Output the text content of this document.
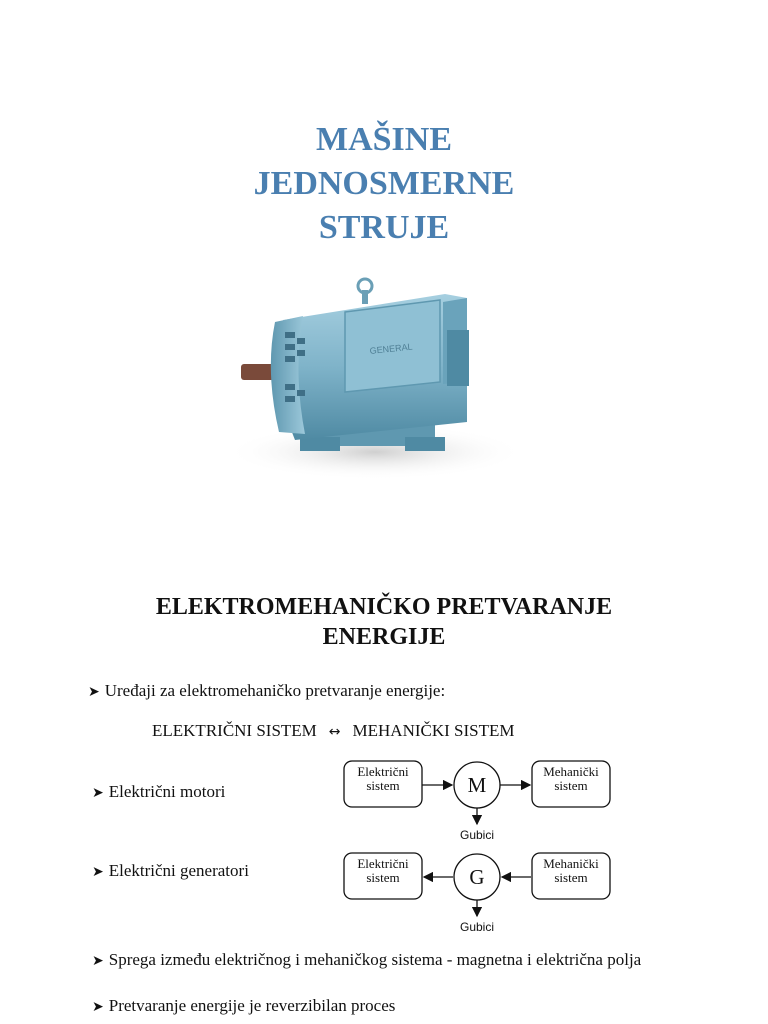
MAŠINE
JEDNOSMERNE
STRUJE
GENERAL
ELEKTROMEHANIČKO PRETVARANJE
ENERGIJE
➤ Uređaji za elektromehaničko pretvaranje energije:
ELEKTRIČNI SISTEM ↔ MEHANIČKI SISTEM
➤ Električni motori
Električni
sistem	M
Mehanički
sistem
Gubici
➤ Električni generatori	Električni
sistem	G
Mehanički
sistem
Gubici
➤ Sprega između električnog i mehaničkog sistema - magnetna i električna polja
➤ Pretvaranje energije je reverzibilan proces
